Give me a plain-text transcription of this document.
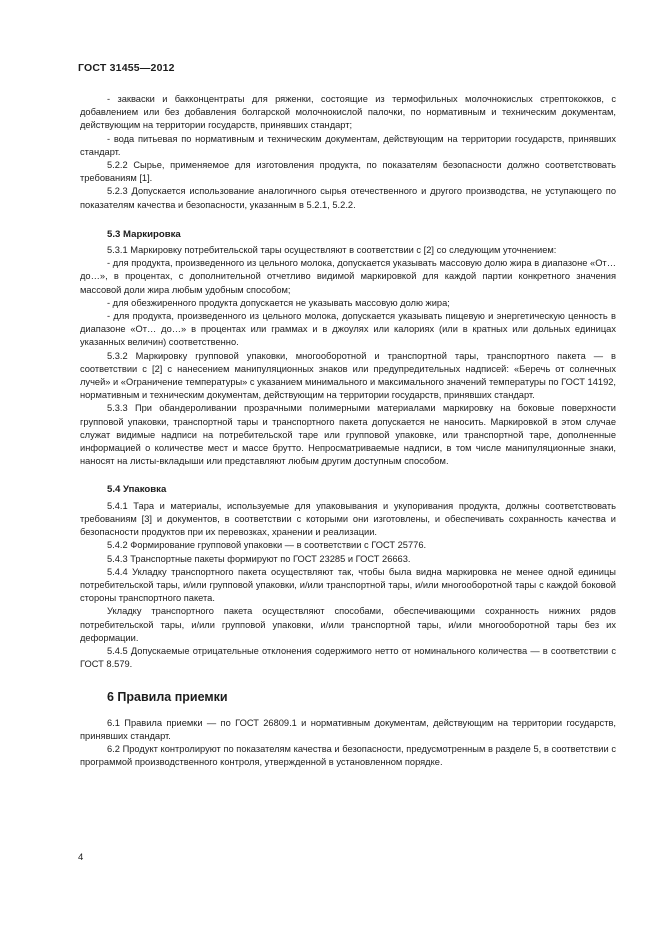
ГОСТ 31455—2012

- закваски и бакконцентраты для ряженки, состоящие из термофильных молочнокислых стрептококков, с добавлением или без добавления болгарской молочнокислой палочки, по нормативным и техническим документам, действующим на территории государств, принявших стандарт;

- вода питьевая по нормативным и техническим документам, действующим на территории государств, принявших стандарт.

5.2.2 Сырье, применяемое для изготовления продукта, по показателям безопасности должно соответствовать требованиям [1].

5.2.3 Допускается использование аналогичного сырья отечественного и другого производства, не уступающего по показателям качества и безопасности, указанным в 5.2.1, 5.2.2.

5.3 Маркировка

5.3.1 Маркировку потребительской тары осуществляют в соответствии с [2] со следующим уточнением:

- для продукта, произведенного из цельного молока, допускается указывать массовую долю жира в диапазоне «От… до…», в процентах, с дополнительной отчетливо видимой маркировкой для каждой партии конкретного значения массовой доли жира любым удобным способом;

- для обезжиренного продукта допускается не указывать массовую долю жира;

- для продукта, произведенного из цельного молока, допускается указывать пищевую и энергетическую ценность в диапазоне «От… до…» в процентах или граммах и в джоулях или калориях (или в кратных или дольных единицах указанных величин) соответственно.

5.3.2 Маркировку групповой упаковки, многооборотной и транспортной тары, транспортного пакета — в соответствии с [2] с нанесением манипуляционных знаков или предупредительных надписей: «Беречь от солнечных лучей» и «Ограничение температуры» с указанием минимального и максимального значений температуры по ГОСТ 14192, нормативным и техническим документам, действующим на территории государств, принявших стандарт.

5.3.3 При обандероливании прозрачными полимерными материалами маркировку на боковые поверхности групповой упаковки, транспортной тары и транспортного пакета допускается не наносить. Маркировкой в этом случае служат видимые надписи на потребительской таре или групповой упаковке, или транспортной таре, дополненные информацией о количестве мест и массе брутто. Непросматриваемые надписи, в том числе манипуляционные знаки, наносят на листы-вкладыши или представляют любым другим доступным способом.

5.4 Упаковка

5.4.1 Тара и материалы, используемые для упаковывания и укупоривания продукта, должны соответствовать требованиям [3] и документов, в соответствии с которыми они изготовлены, и обеспечивать сохранность качества и безопасности продуктов при их перевозках, хранении и реализации.

5.4.2 Формирование групповой упаковки — в соответствии с ГОСТ 25776.

5.4.3 Транспортные пакеты формируют по ГОСТ 23285 и ГОСТ 26663.

5.4.4 Укладку транспортного пакета осуществляют так, чтобы была видна маркировка не менее одной единицы потребительской тары, и/или групповой упаковки, и/или транспортной тары, и/или многооборотной тары с каждой боковой стороны транспортного пакета.

Укладку транспортного пакета осуществляют способами, обеспечивающими сохранность нижних рядов потребительской тары, и/или групповой упаковки, и/или транспортной тары, и/или многооборотной тары без их деформации.

5.4.5 Допускаемые отрицательные отклонения содержимого нетто от номинального количества — в соответствии с ГОСТ 8.579.

6 Правила приемки

6.1 Правила приемки — по ГОСТ 26809.1 и нормативным документам, действующим на территории государств, принявших стандарт.

6.2 Продукт контролируют по показателям качества и безопасности, предусмотренным в разделе 5, в соответствии с программой производственного контроля, утвержденной в установленном порядке.

4
